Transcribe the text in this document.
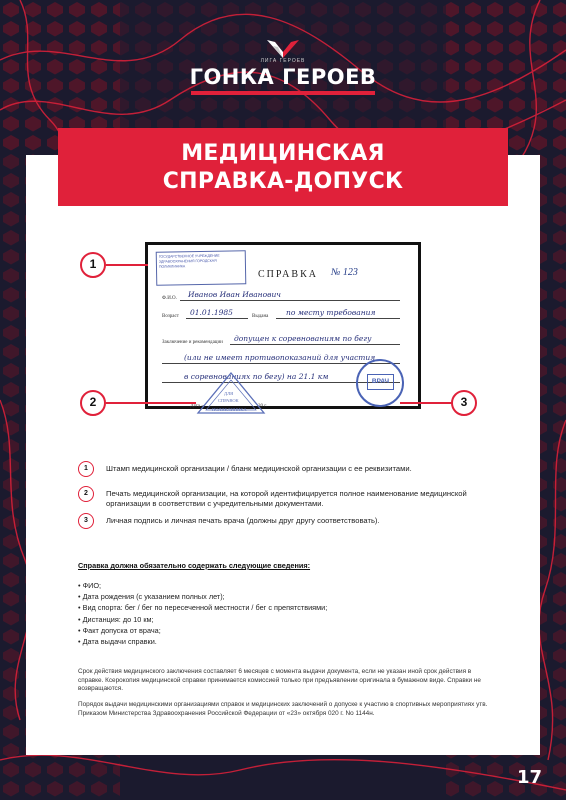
ЛИГА ГЕРОЕВ
ГОНКА ГЕРОЕВ
МЕДИЦИНСКАЯ
СПРАВКА-ДОПУСК
ГОСУДАРСТВЕННОЕ УЧРЕЖДЕНИЕ ЗДРАВООХРАНЕНИЯ ГОРОДСКАЯ ПОЛИКЛИНИКА
СПРАВКА № 123
Ф.И.О. Иванов Иван Иванович
Возраст 01.01.1985	Выдана по месту требования
Заключение и рекомендации допущен к соревнованиям по бегу
(или не имеет противопоказаний для участия
в соревнованиях по бегу) на 21.1 км
Дата «	20 г.
ДЛЯ
СПРАВОК
ПОЛИКЛИНИКА
ВРАЧ
1
2	3
1	Штамп медицинской организации / бланк медицинской организации с ее реквизитами.
2	Печать медицинской организации, на которой идентифицируется полное наименование медицинской организации в соответствии с учредительными документами.
3	Личная подпись и личная печать врача (должны друг другу соответствовать).
Справка должна обязательно содержать следующие сведения:
• ФИО;
• Дата рождения (с указанием полных лет);
• Вид спорта: бег / бег по пересеченной местности / бег с препятствиями;
• Дистанция: до 10 км;
• Факт допуска от врача;
• Дата выдачи справки.
Срок действия медицинского заключения составляет 6 месяцев с момента выдачи документа, если не указан иной срок действия в справке. Ксерокопия медицинской справки принимается комиссией только при предъявлении оригинала в бумажном виде. Справки не возвращаются.
Порядок выдачи медицинскими организациями справок и медицинских заключений о допуске к участию в спортивных мероприятиях утв. Приказом Министерства Здравоохранения Российской Федерации от «23» октября 020 г. No 1144н.
17
